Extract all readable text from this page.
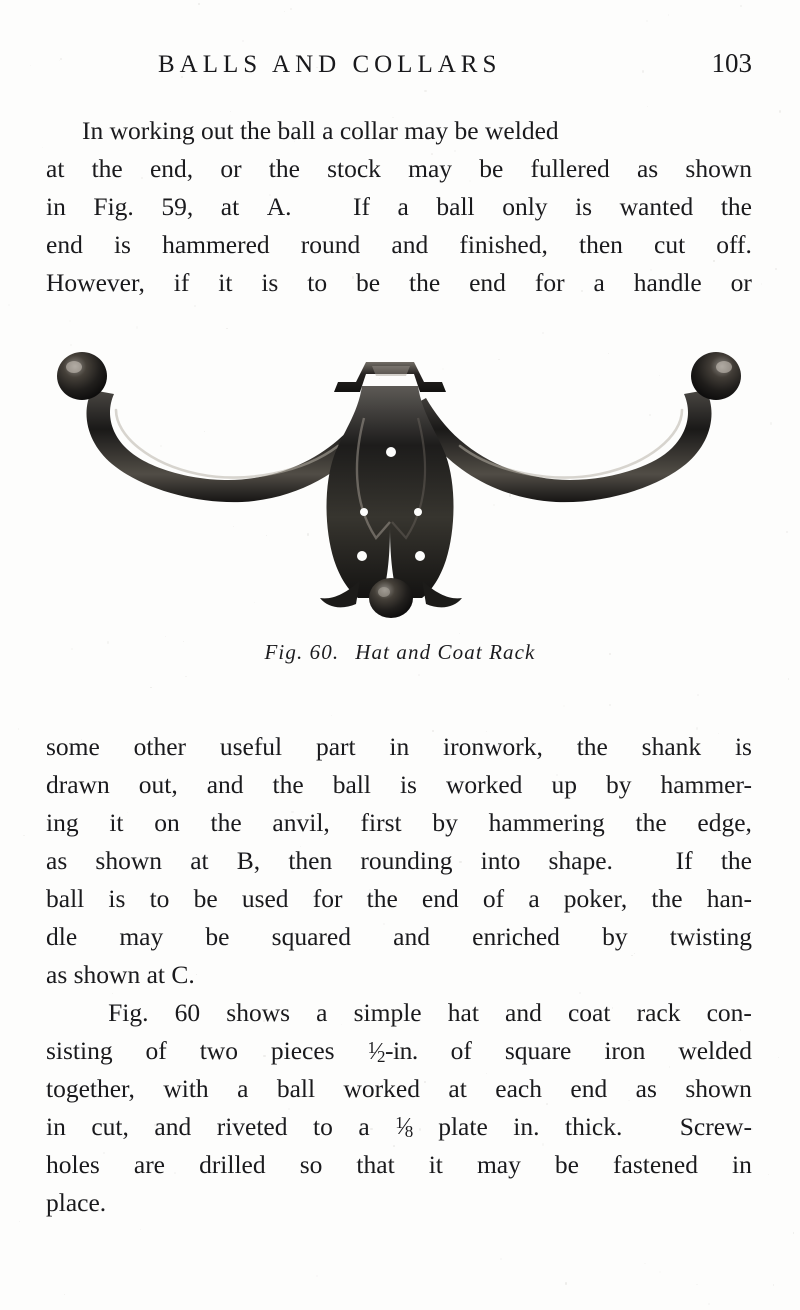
BALLS AND COLLARS	103
In working out the ball a collar may be welded
at the end, or the stock may be fullered as shown
in Fig. 59, at A.
If a ball only is wanted the
end is hammered round and finished, then cut off.
However, if it is to be the end for a handle or
Fig. 60. Hat and Coat Rack
some other useful part in ironwork, the shank is
drawn out, and the ball is worked up by hammer-
ing it on the anvil, first by hammering the edge,
as shown at B, then rounding into shape.
If the
ball is to be used for the end of a poker, the han-
dle may be squared and enriched by twisting
as shown at C.
Fig. 60 shows a simple hat and coat rack con-
sisting of two pieces 1 ⁄ 2 -in. of square iron welded
together, with a ball worked at each end as shown
in cut, and riveted to a 1 ⁄ 8 plate in. thick.
Screw-
holes are drilled so that it may be fastened in
place.
